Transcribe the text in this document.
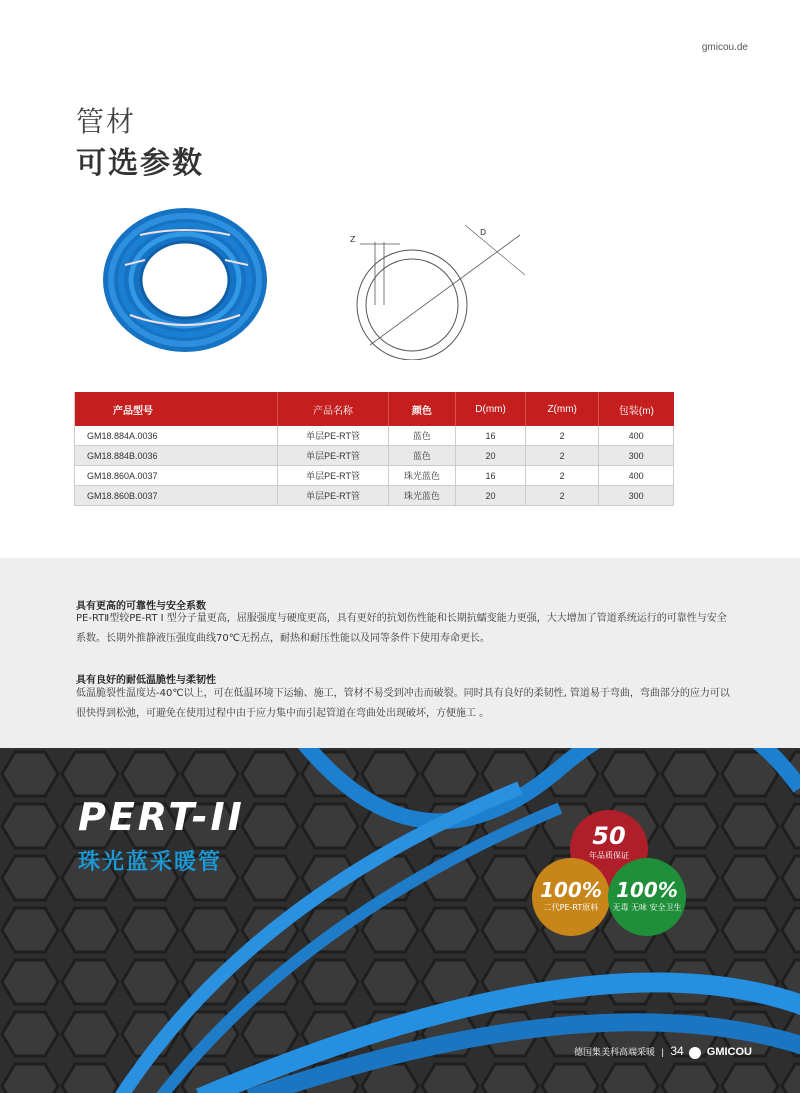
gmicou.de
管材
可选参数
Z
D
产品型号	产品名称	颜色	D(mm)	Z(mm)	包装(m)
GM18.884A.0036	单层PE-RT管	蓝色	16	2	400
GM18.884B.0036	单层PE-RT管	蓝色	20	2	300
GM18.860A.0037	单层PE-RT管	珠光蓝色	16	2	400
GM18.860B.0037	单层PE-RT管	珠光蓝色	20	2	300
具有更高的可靠性与安全系数
PE-RTⅡ型较PE-RT Ⅰ 型分子量更高，屈服强度与硬度更高，具有更好的抗划伤性能和长期抗蠕变能力更强，大大增加了管道系统运行的可靠性与安全系数。长期外推静液压强度曲线70℃无拐点，耐热和耐压性能以及同等条件下使用寿命更长。
具有良好的耐低温脆性与柔韧性
低温脆裂性温度达-40℃以上，可在低温环境下运输、施工，管材不易受到冲击而破裂。同时具有良好的柔韧性, 管道易于弯曲，弯曲部分的应力可以很快得到松弛，可避免在使用过程中由于应力集中而引起管道在弯曲处出现破坏，方便施工 。
PERT-II
珠光蓝采暖管
50
年品质保证
100%
二代PE-RT原料
100%
无毒 无味 安全卫生
德国集美科高端采暖 | 34 GMICOU
